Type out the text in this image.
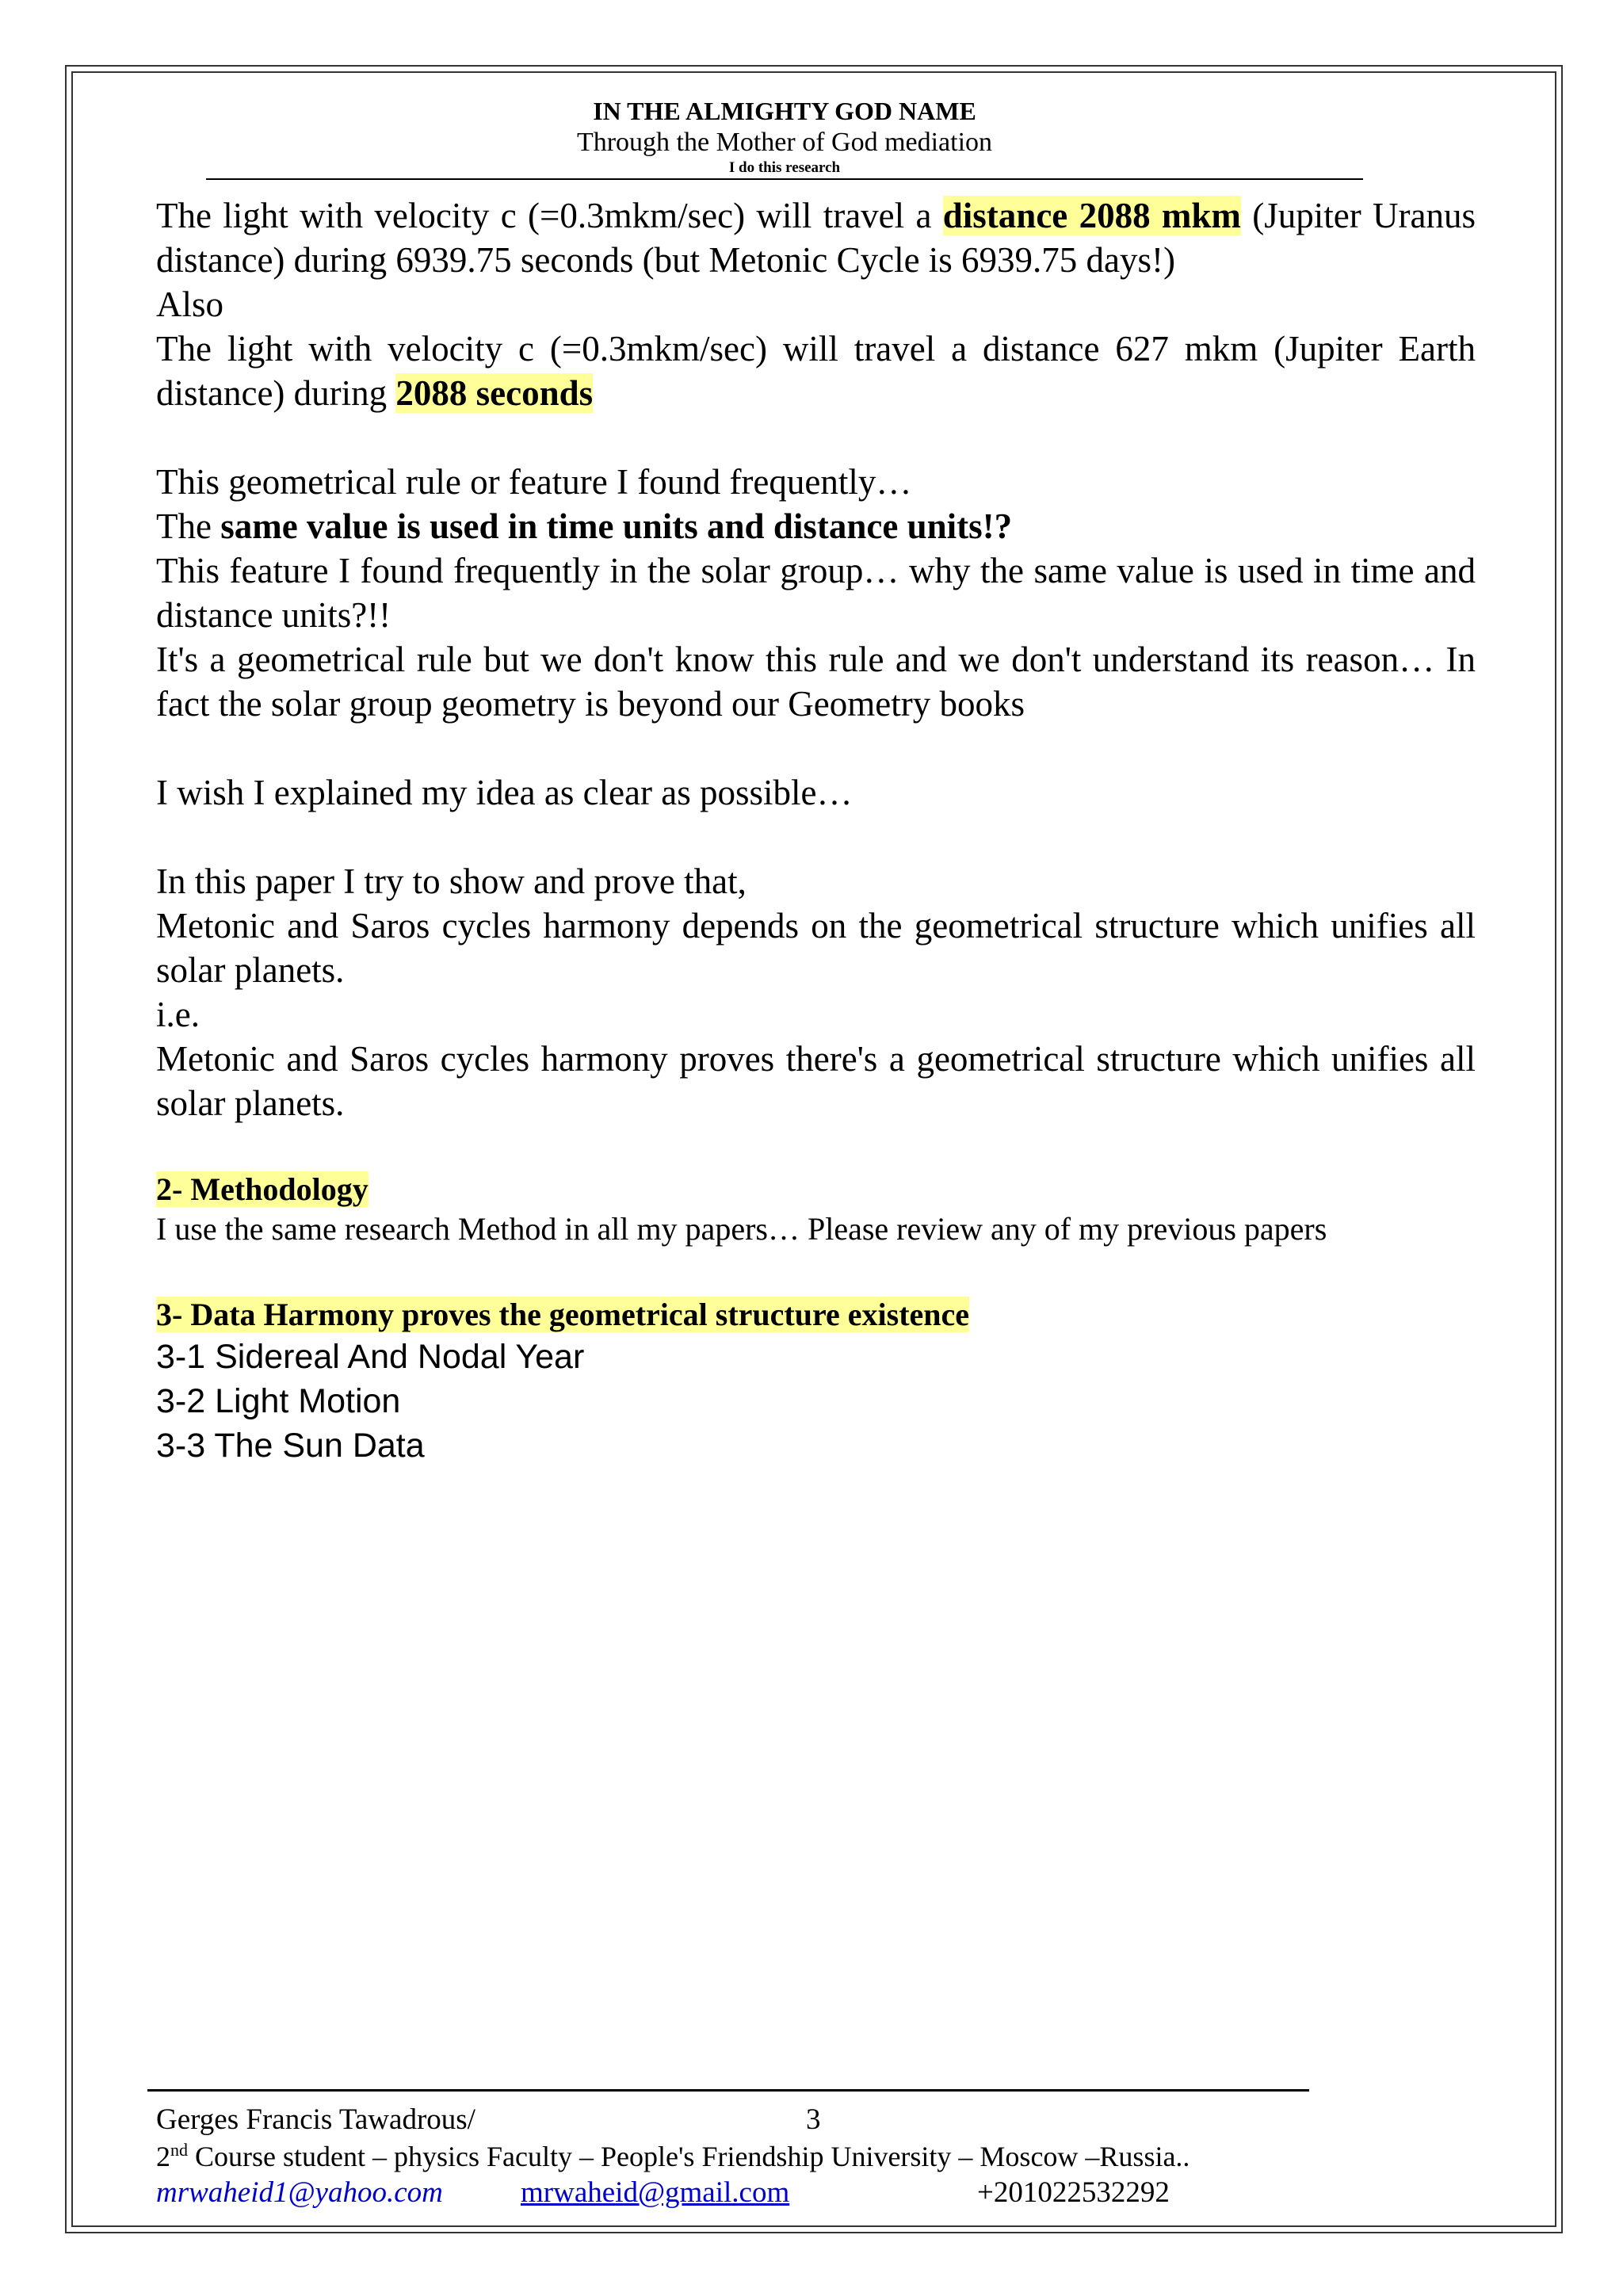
IN THE ALMIGHTY GOD NAME
Through the Mother of God mediation
I do this research

The light with velocity c (=0.3mkm/sec) will travel a distance 2088 mkm (Jupiter Uranus distance) during 6939.75 seconds (but Metonic Cycle is 6939.75 days!)

Also

The light with velocity c (=0.3mkm/sec) will travel a distance 627 mkm (Jupiter Earth distance) during 2088 seconds

This geometrical rule or feature I found frequently…

The same value is used in time units and distance units!?

This feature I found frequently in the solar group… why the same value is used in time and distance units?!!

It's a geometrical rule but we don't know this rule and we don't understand its reason… In fact the solar group geometry is beyond our Geometry books

I wish I explained my idea as clear as possible…

In this paper I try to show and prove that,

Metonic and Saros cycles harmony depends on the geometrical structure which unifies all solar planets.

i.e.

Metonic and Saros cycles harmony proves there's a geometrical structure which unifies all solar planets.

2- Methodology

I use the same research Method in all my papers… Please review any of my previous papers

3- Data Harmony proves the geometrical structure existence

3-1 Sidereal And Nodal Year

3-2 Light Motion

3-3 The Sun Data

Gerges Francis Tawadrous/	3
2nd Course student – physics Faculty – People's Friendship University – Moscow –Russia..
mrwaheid1@yahoo.com	mrwaheid@gmail.com	+201022532292
